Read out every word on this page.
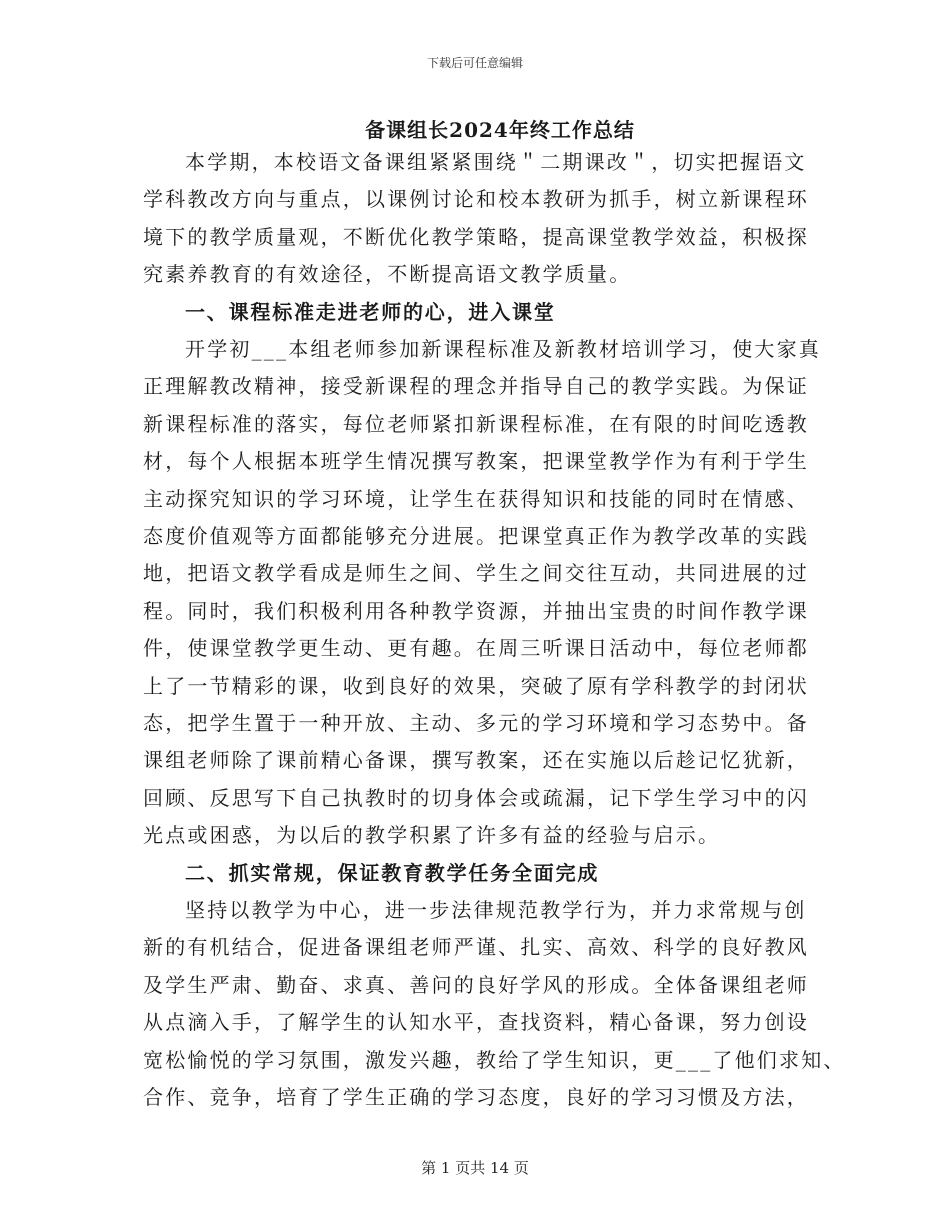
下载后可任意编辑
备课组长2024年终工作总结
本学期，本校语文备课组紧紧围绕＂二期课改＂，切实把握语文
学科教改方向与重点，以课例讨论和校本教研为抓手，树立新课程环
境下的教学质量观，不断优化教学策略，提高课堂教学效益，积极探
究素养教育的有效途径，不断提高语文教学质量。
一、课程标准走进老师的心，进入课堂
开学初___本组老师参加新课程标准及新教材培训学习，使大家真
正理解教改精神，接受新课程的理念并指导自己的教学实践。为保证
新课程标准的落实，每位老师紧扣新课程标准，在有限的时间吃透教
材，每个人根据本班学生情况撰写教案，把课堂教学作为有利于学生
主动探究知识的学习环境，让学生在获得知识和技能的同时在情感、
态度价值观等方面都能够充分进展。把课堂真正作为教学改革的实践
地，把语文教学看成是师生之间、学生之间交往互动，共同进展的过
程。同时，我们积极利用各种教学资源，并抽出宝贵的时间作教学课
件，使课堂教学更生动、更有趣。在周三听课日活动中，每位老师都
上了一节精彩的课，收到良好的效果，突破了原有学科教学的封闭状
态，把学生置于一种开放、主动、多元的学习环境和学习态势中。备
课组老师除了课前精心备课，撰写教案，还在实施以后趁记忆犹新，
回顾、反思写下自己执教时的切身体会或疏漏，记下学生学习中的闪
光点或困惑，为以后的教学积累了许多有益的经验与启示。
二、抓实常规，保证教育教学任务全面完成
坚持以教学为中心，进一步法律规范教学行为，并力求常规与创
新的有机结合，促进备课组老师严谨、扎实、高效、科学的良好教风
及学生严肃、勤奋、求真、善问的良好学风的形成。全体备课组老师
从点滴入手，了解学生的认知水平，查找资料，精心备课，努力创设
宽松愉悦的学习氛围，激发兴趣，教给了学生知识，更___了他们求知、
合作、竞争，培育了学生正确的学习态度，良好的学习习惯及方法，
第 1 页共 14 页
